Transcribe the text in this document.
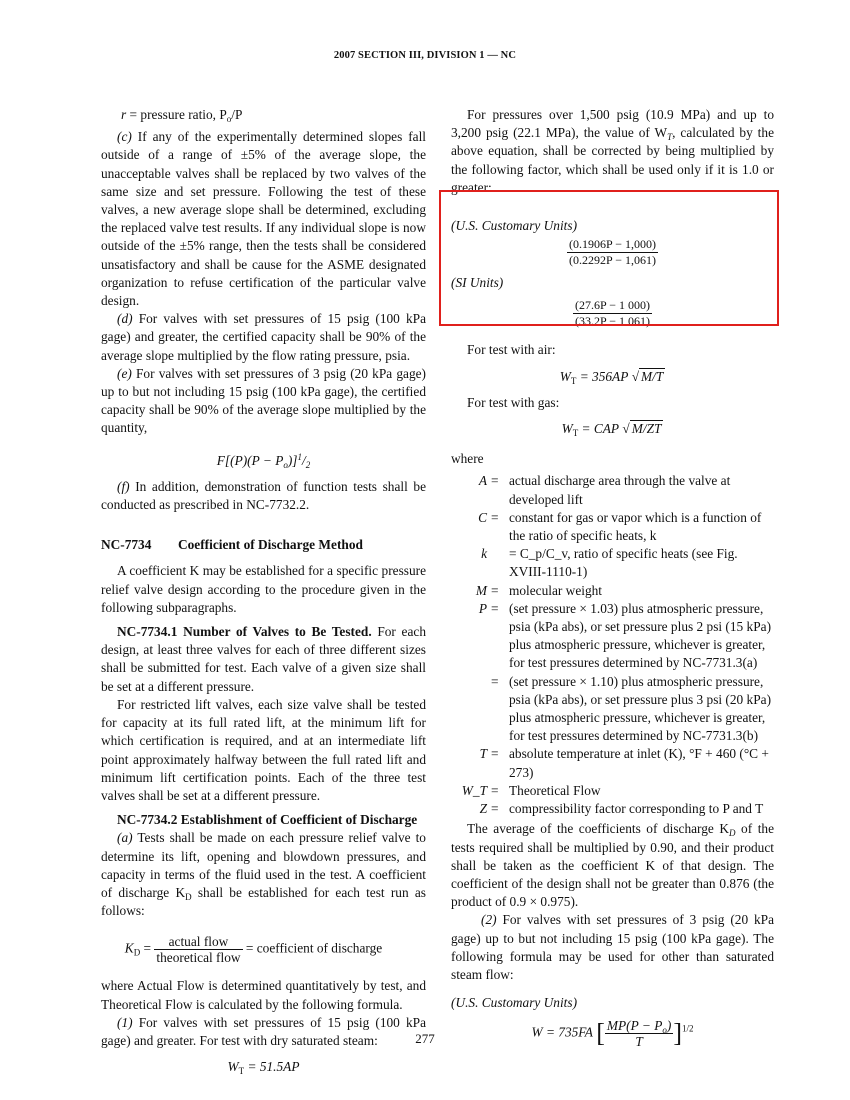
2007 SECTION III, DIVISION 1 — NC

r = pressure ratio, $P_o/P$

(c) If any of the experimentally determined slopes fall outside of a range of ±5% of the average slope, the unacceptable valves shall be replaced by two valves of the same size and set pressure. Following the test of these valves, a new average slope shall be determined, excluding the replaced valve test results. If any individual slope is now outside of the ±5% range, then the tests shall be considered unsatisfactory and shall be cause for the ASME designated organization to refuse certification of the particular valve design.

(d) For valves with set pressures of 15 psig (100 kPa gage) and greater, the certified capacity shall be 90% of the average slope multiplied by the flow rating pressure, psia.

(e) For valves with set pressures of 3 psig (20 kPa gage) up to but not including 15 psig (100 kPa gage), the certified capacity shall be 90% of the average slope multiplied by the quantity,

$F[(P)(P - P_o)]^1/_2$

(f) In addition, demonstration of function tests shall be conducted as prescribed in NC-7732.2.

NC-7734	Coefficient of Discharge Method

A coefficient K may be established for a specific pressure relief valve design according to the procedure given in the following subparagraphs.

NC-7734.1 Number of Valves to Be Tested. For each design, at least three valves for each of three different sizes shall be submitted for test. Each valve of a given size shall be set at a different pressure.

For restricted lift valves, each size valve shall be tested for capacity at its full rated lift, at the minimum lift for which certification is required, and at an intermediate lift point approximately halfway between the full rated lift and minimum lift certification points. Each of the three test valves shall be set at a different pressure.

NC-7734.2 Establishment of Coefficient of Discharge

(a) Tests shall be made on each pressure relief valve to determine its lift, opening and blowdown pressures, and capacity in terms of the fluid used in the test. A coefficient of discharge $K_D$ shall be established for each test run as follows:

$K_D = \frac{\text{actual flow}}{\text{theoretical flow}}$ = coefficient of discharge

where Actual Flow is determined quantitatively by test, and Theoretical Flow is calculated by the following formula.

(1) For valves with set pressures of 15 psig (100 kPa gage) and greater. For test with dry saturated steam:

$W_T = 51.5AP$

For pressures over 1,500 psig (10.9 MPa) and up to 3,200 psig (22.1 MPa), the value of $W_T$, calculated by the above equation, shall be corrected by being multiplied by the following factor, which shall be used only if it is 1.0 or greater:

(U.S. Customary Units)

$\frac{(0.1906P - 1,000)}{(0.2292P - 1,061)}$

(SI Units)

$\frac{(27.6P - 1 000)}{(33.2P - 1 061)}$

For test with air:

$W_T = 356AP$ √ M/T

For test with gas:

$W_T$ = CAP √ M/ZT

where

A = actual discharge area through the valve at developed lift
C = constant for gas or vapor which is a function of the ratio of specific heats, k
k = C_p/C_v, ratio of specific heats (see Fig. XVIII-1110-1)
M = molecular weight
P = (set pressure × 1.03) plus atmospheric pressure, psia (kPa abs), or set pressure plus 2 psi (15 kPa) plus atmospheric pressure, whichever is greater, for test pressures determined by NC-7731.3(a)
= (set pressure × 1.10) plus atmospheric pressure, psia (kPa abs), or set pressure plus 3 psi (20 kPa) plus atmospheric pressure, whichever is greater, for test pressures determined by NC-7731.3(b)
T = absolute temperature at inlet (K), °F + 460 (°C + 273)
W_T = Theoretical Flow
Z = compressibility factor corresponding to P and T

The average of the coefficients of discharge $K_D$ of the tests required shall be multiplied by 0.90, and their product shall be taken as the coefficient K of that design. The coefficient of the design shall not be greater than 0.876 (the product of 0.9 × 0.975).

(2) For valves with set pressures of 3 psig (20 kPa gage) up to but not including 15 psig (100 kPa gage). The following formula may be used for other than saturated steam flow:

(U.S. Customary Units)

W = 735FA [ $\frac{MP(P - P_o)}{T} ]^{1/2}$
277
